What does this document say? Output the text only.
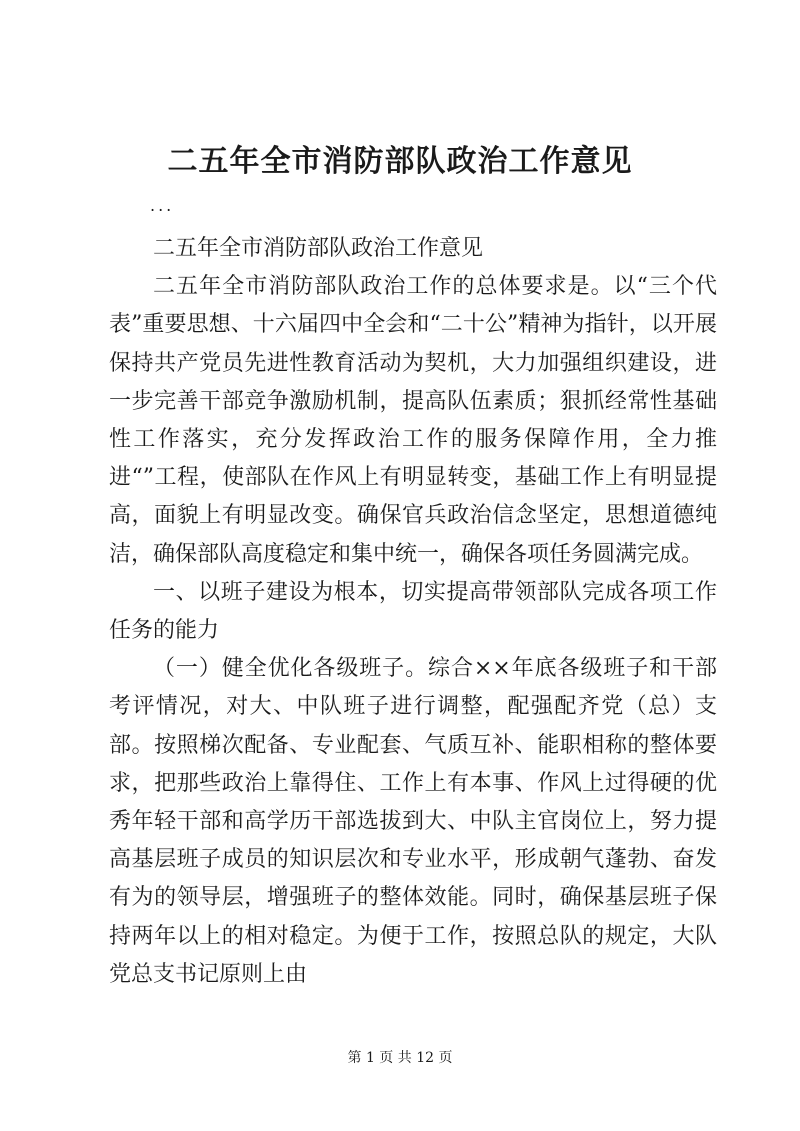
二五年全市消防部队政治工作意见
...

二五年全市消防部队政治工作意见

二五年全市消防部队政治工作的总体要求是。以“三个代表”重要思想、十六届四中全会和“二十公”精神为指针，以开展保持共产党员先进性教育活动为契机，大力加强组织建设，进一步完善干部竞争激励机制，提高队伍素质；狠抓经常性基础性工作落实，充分发挥政治工作的服务保障作用，全力推进“”工程，使部队在作风上有明显转变，基础工作上有明显提高，面貌上有明显改变。确保官兵政治信念坚定，思想道德纯洁，确保部队高度稳定和集中统一，确保各项任务圆满完成。

一、以班子建设为根本，切实提高带领部队完成各项工作任务的能力

（一）健全优化各级班子。综合××年底各级班子和干部考评情况，对大、中队班子进行调整，配强配齐党（总）支部。按照梯次配备、专业配套、气质互补、能职相称的整体要求，把那些政治上靠得住、工作上有本事、作风上过得硬的优秀年轻干部和高学历干部选拔到大、中队主官岗位上，努力提高基层班子成员的知识层次和专业水平，形成朝气蓬勃、奋发有为的领导层，增强班子的整体效能。同时，确保基层班子保持两年以上的相对稳定。为便于工作，按照总队的规定，大队党总支书记原则上由

第 1 页 共 12 页
